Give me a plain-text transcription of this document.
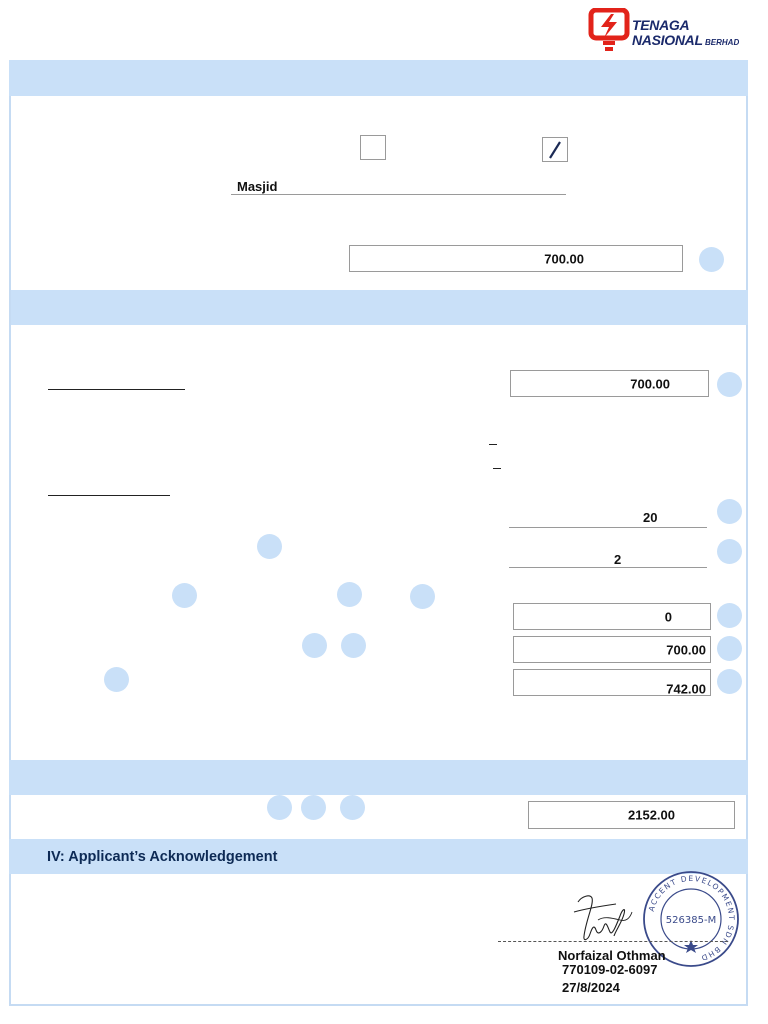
TENAGA
NASIONAL BERHAD
Masjid
700.00
700.00
20
2
0
700.00
742.00
2152.00
IV: Applicant’s Acknowledgement
ACCENT DEVELOPMENT SDN BHD
526385-M
Norfaizal Othman
770109-02-6097
27/8/2024
